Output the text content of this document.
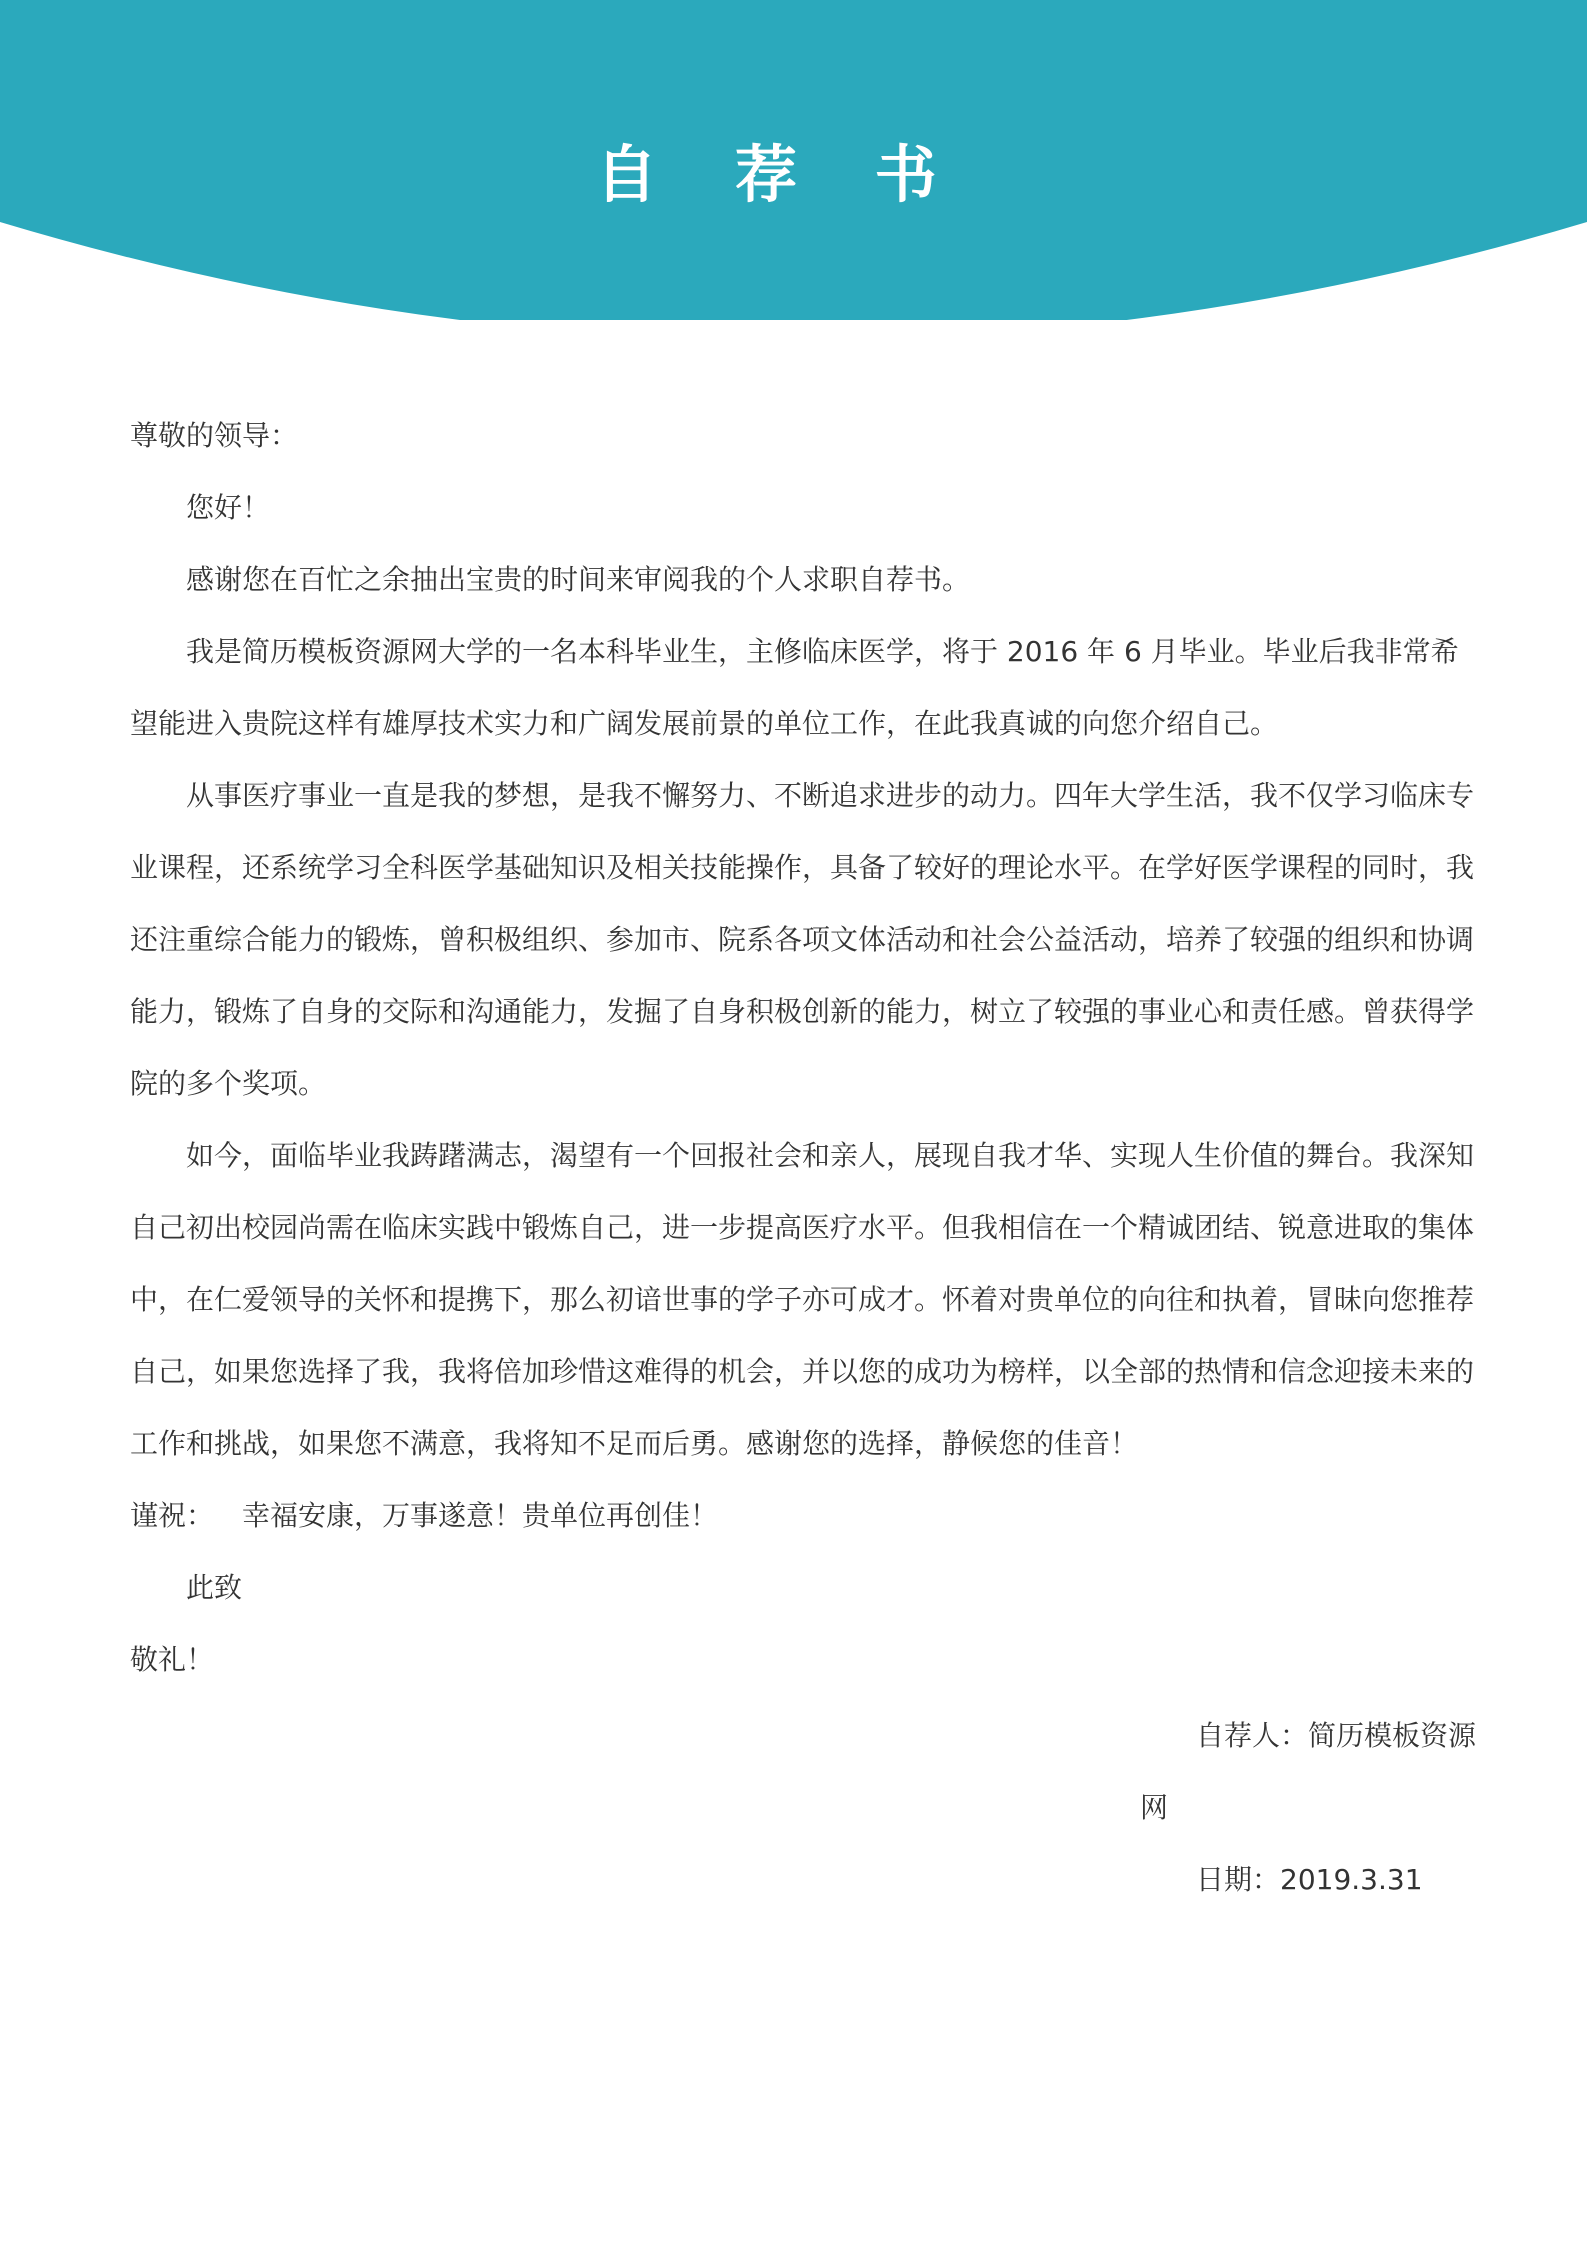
自 荐 书

尊敬的领导：

您好！

感谢您在百忙之余抽出宝贵的时间来审阅我的个人求职自荐书。

我是简历模板资源网大学的一名本科毕业生，主修临床医学，将于 2016 年 6 月毕业。毕业后我非常希望能进入贵院这样有雄厚技术实力和广阔发展前景的单位工作，在此我真诚的向您介绍自己。

从事医疗事业一直是我的梦想，是我不懈努力、不断追求进步的动力。四年大学生活，我不仅学习临床专业课程，还系统学习全科医学基础知识及相关技能操作，具备了较好的理论水平。在学好医学课程的同时，我还注重综合能力的锻炼，曾积极组织、参加市、院系各项文体活动和社会公益活动，培养了较强的组织和协调能力，锻炼了自身的交际和沟通能力，发掘了自身积极创新的能力，树立了较强的事业心和责任感。曾获得学院的多个奖项。

如今，面临毕业我踌躇满志，渴望有一个回报社会和亲人，展现自我才华、实现人生价值的舞台。我深知自己初出校园尚需在临床实践中锻炼自己，进一步提高医疗水平。但我相信在一个精诚团结、锐意进取的集体中，在仁爱领导的关怀和提携下，那么初谙世事的学子亦可成才。怀着对贵单位的向往和执着，冒昧向您推荐自己，如果您选择了我，我将倍加珍惜这难得的机会，并以您的成功为榜样，以全部的热情和信念迎接未来的工作和挑战，如果您不满意，我将知不足而后勇。感谢您的选择，静候您的佳音！

谨祝： 幸福安康，万事遂意！贵单位再创佳！

此致

敬礼！

自荐人：简历模板资源

网

日期：2019.3.31
